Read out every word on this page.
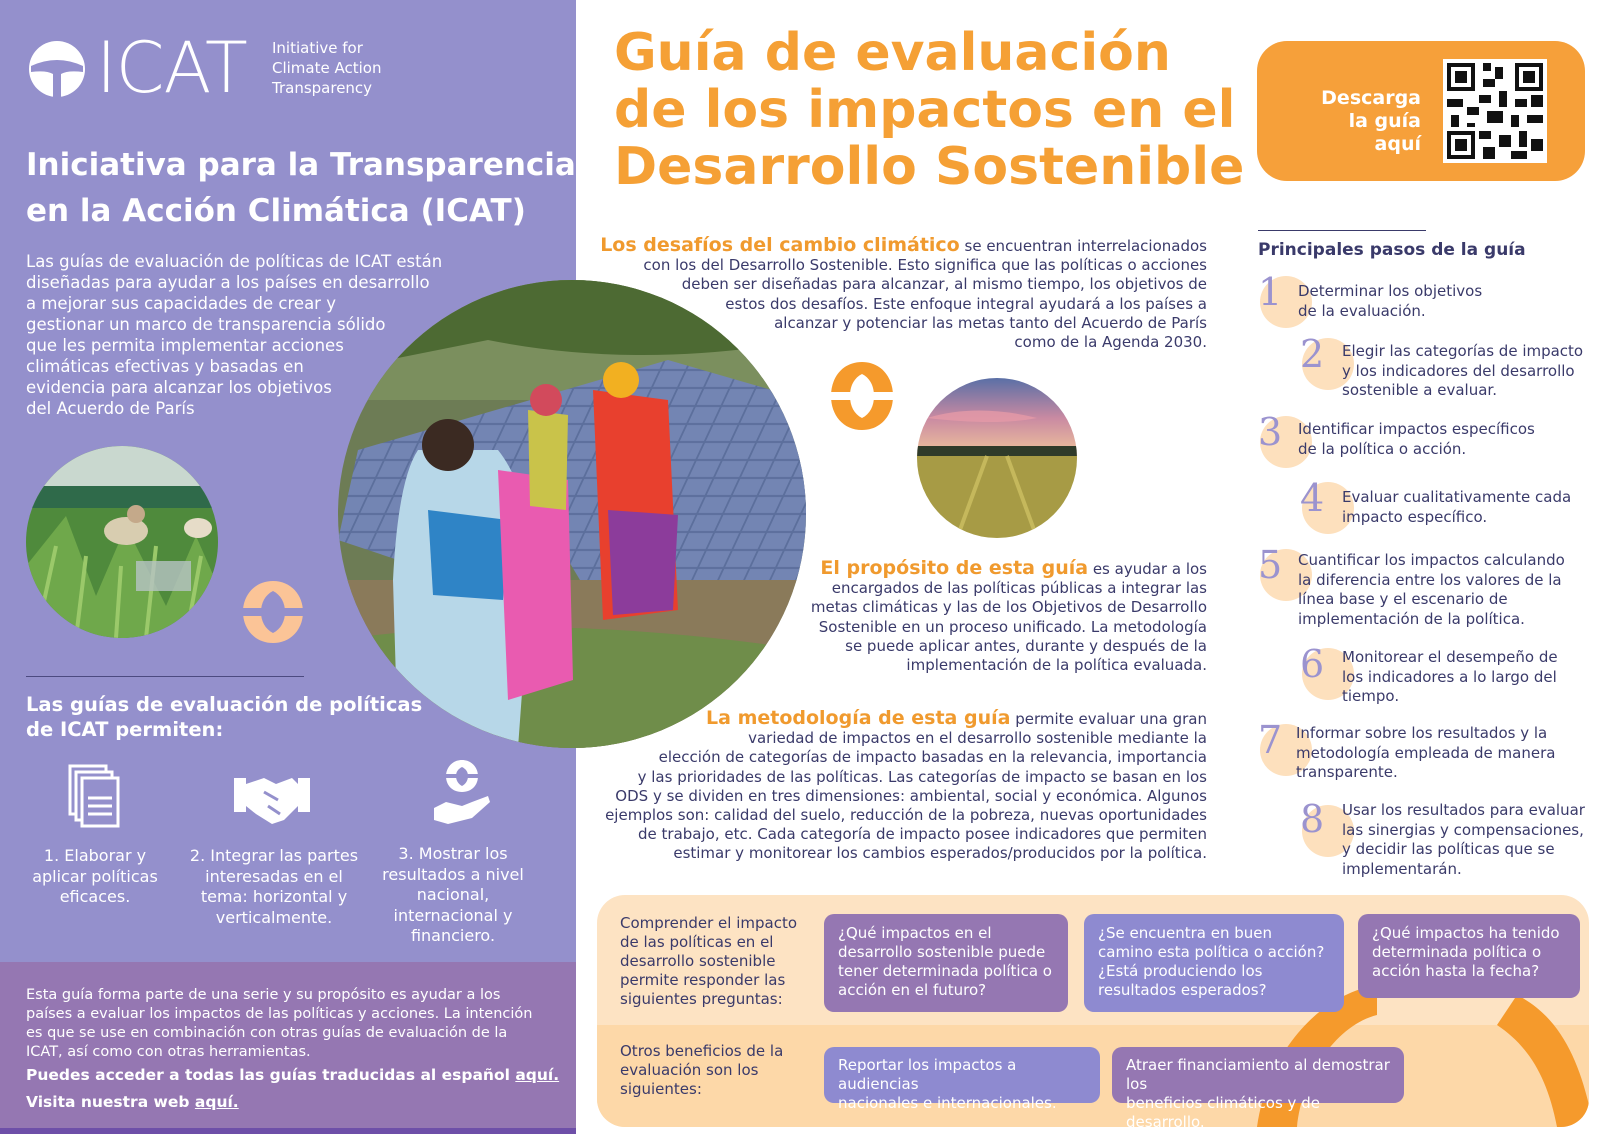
ICAT Initiative for
Climate Action
Transparency
Iniciativa para la Transparencia
en la Acción Climática (ICAT)
Las guías de evaluación de políticas de ICAT están
diseñadas para ayudar a los países en desarrollo
a mejorar sus capacidades de crear y
gestionar un marco de transparencia sólido
que les permita implementar acciones
climáticas efectivas y basadas en
evidencia para alcanzar los objetivos
del Acuerdo de París
Las guías de evaluación de políticas
de ICAT permiten:
1. Elaborar y
aplicar políticas
eficaces.
2. Integrar las partes
interesadas en el
tema: horizontal y
verticalmente.
3. Mostrar los
resultados a nivel
nacional,
internacional y
financiero.
Esta guía forma parte de una serie y su propósito es ayudar a los
países a evaluar los impactos de las políticas y acciones. La intención
es que se use en combinación con otras guías de evaluación de la
ICAT, así como con otras herramientas.
Puedes acceder a todas las guías traducidas al español aquí.
Visita nuestra web aquí.
Guía de evaluación
de los impactos en el
Desarrollo Sostenible
Descarga
la guía aquí
Los desafíos del cambio climático se encuentran interrelacionados
con los del Desarrollo Sostenible. Esto significa que las políticas o acciones
deben ser diseñadas para alcanzar, al mismo tiempo, los objetivos de
estos dos desafíos. Este enfoque integral ayudará a los países a
alcanzar y potenciar las metas tanto del Acuerdo de París
como de la Agenda 2030.
El propósito de esta guía es ayudar a los
encargados de las políticas públicas a integrar las
metas climáticas y las de los Objetivos de Desarrollo
Sostenible en un proceso unificado. La metodología
se puede aplicar antes, durante y después de la
implementación de la política evaluada.
La metodología de esta guía permite evaluar una gran
variedad de impactos en el desarrollo sostenible mediante la
elección de categorías de impacto basadas en la relevancia, importancia
y las prioridades de las políticas. Las categorías de impacto se basan en los
ODS y se dividen en tres dimensiones: ambiental, social y económica. Algunos
ejemplos son: calidad del suelo, reducción de la pobreza, nuevas oportunidades
de trabajo, etc. Cada categoría de impacto posee indicadores que permiten
estimar y monitorear los cambios esperados/producidos por la política.
Principales pasos de la guía
1 Determinar los objetivos
de la evaluación.
2 Elegir las categorías de impacto
y los indicadores del desarrollo
sostenible a evaluar.
3 Identificar impactos específicos
de la política o acción.
4 Evaluar cualitativamente cada
impacto específico.
5 Cuantificar los impactos calculando
la diferencia entre los valores de la
línea base y el escenario de
implementación de la política.
6 Monitorear el desempeño de
los indicadores a lo largo del
tiempo.
7 Informar sobre los resultados y la
metodología empleada de manera
transparente.
8 Usar los resultados para evaluar
las sinergias y compensaciones,
y decidir las políticas que se
implementarán.
Comprender el impacto
de las políticas en el
desarrollo sostenible
permite responder las
siguientes preguntas:
¿Qué impactos en el
desarrollo sostenible puede
tener determinada política o
acción en el futuro?
¿Se encuentra en buen
camino esta política o acción?
¿Está produciendo los
resultados esperados?
¿Qué impactos ha tenido
determinada política o
acción hasta la fecha?
Otros beneficios de la
evaluación son los
siguientes:
Reportar los impactos a audiencias
nacionales e internacionales.
Atraer financiamiento al demostrar los
beneficios climáticos y de desarrollo.
